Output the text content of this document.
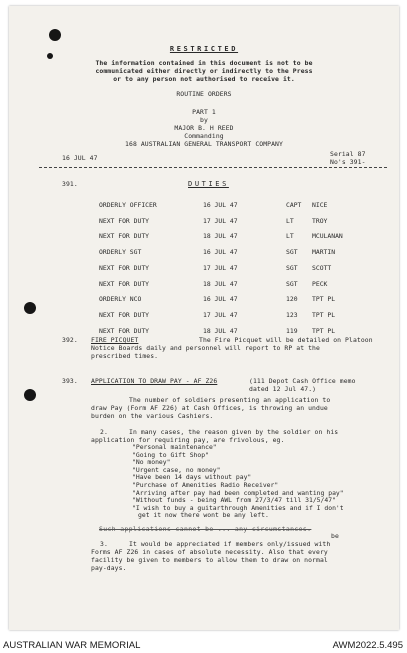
RESTRICTED
The information contained in this document is not to be
communicated either directly or indirectly to the Press
or to any person not authorised to receive it.
ROUTINE ORDERS
PART 1
by
MAJOR B. H REED
Commanding
168 AUSTRALIAN GENERAL TRANSPORT COMPANY
16 JUL 47	Serial 87
No's 391-
391.	DUTIES
ORDERLY OFFICER	16 JUL 47	CAPT NICE
NEXT FOR DUTY	17 JUL 47	LT	TROY
NEXT FOR DUTY	18 JUL 47	LT	MCULANAN
ORDERLY SGT	16 JUL 47	SGT MARTIN
NEXT FOR DUTY	17 JUL 47	SGT SCOTT
NEXT FOR DUTY	18 JUL 47	SGT PECK
ORDERLY NCO	16 JUL 47	120 TPT PL
NEXT FOR DUTY	17 JUL 47	123 TPT PL
NEXT FOR DUTY	18 JUL 47	119 TPT PL
392. FIRE PICQUET	The Fire Picquet will be detailed on Platoon
Notice Boards daily and personnel will report to RP at the
prescribed times.
393. APPLICATION TO DRAW PAY - AF Z26	(111 Depot Cash Office memo
dated 12 Jul 47.)
The number of soldiers presenting an application to
draw Pay (Form AF Z26) at Cash Offices, is throwing an undue
burden on the various Cashiers.
2.	In many cases, the reason given by the soldier on his
application for requiring pay, are frivolous, eg.
"Personal maintenance"
"Going to Gift Shop"
"No money"
"Urgent case, no money"
"Have been 14 days without pay"
"Purchase of Amenities Radio Receiver"
"Arriving after pay had been completed and wanting pay"
"Without funds - being AWL from 27/3/47 till 31/5/47"
"I wish to buy a guitarthrough Amenities and if I don't
get it now there wont be any left.
Such applications cannot be ... any circumstances.
be
3.	It would be appreciated if members only/issued with
Forms AF Z26 in cases of absolute necessity. Also that every
facility be given to members to allow them to draw on normal
pay-days.
AUSTRALIAN WAR MEMORIAL	AWM2022.5.495
